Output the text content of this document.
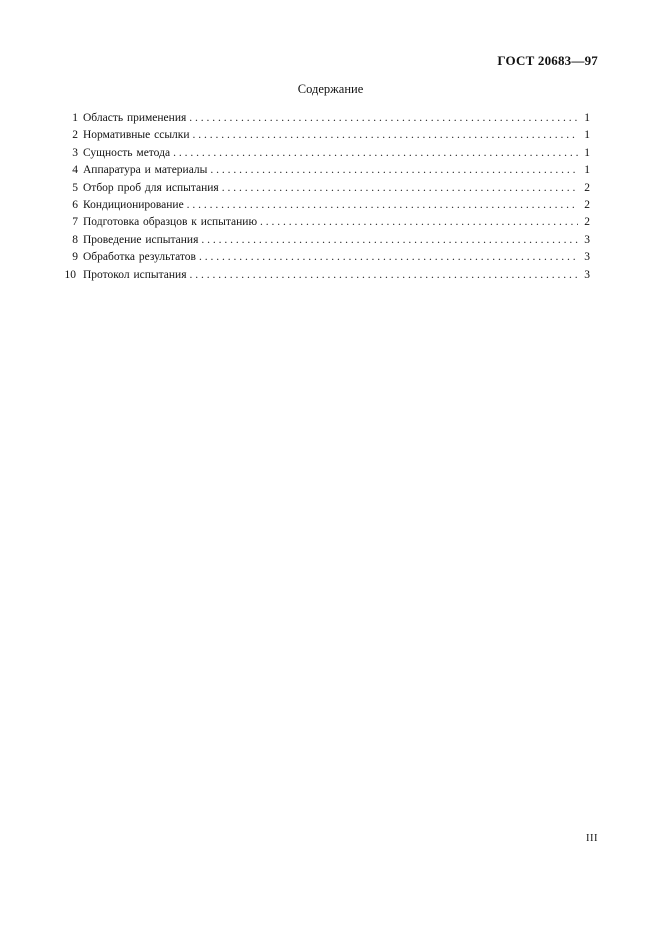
ГОСТ 20683—97
Содержание
1 Область применения . . .	1
2 Нормативные ссылки . . .	1
3 Сущность метода . . .	1
4 Аппаратура и материалы . . .	1
5 Отбор проб для испытания . . .	2
6 Кондиционирование . . .	2
7 Подготовка образцов к испытанию . . .	2
8 Проведение испытания . . .	3
9 Обработка результатов . . .	3
10 Протокол испытания . . .	3
III
